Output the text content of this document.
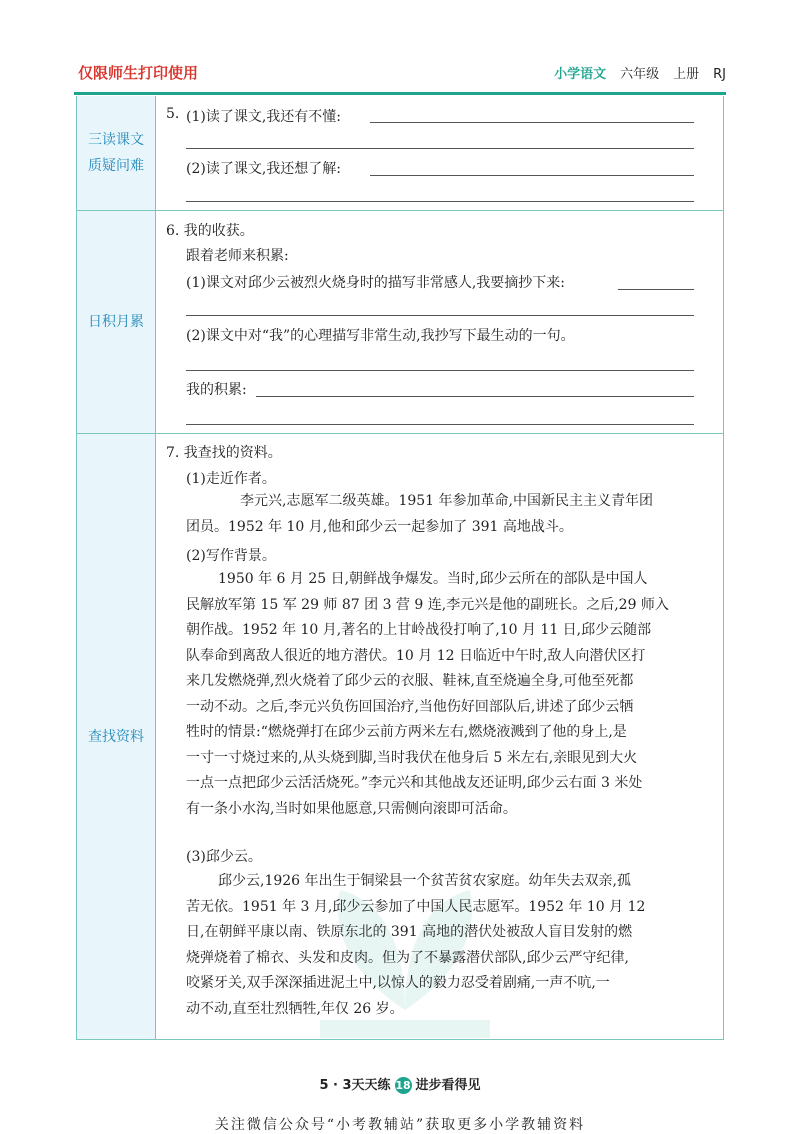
仅限师生打印使用	小学语文 六年级 上册 RJ
三读课文
质疑问难
5. (1)读了课文,我还有不懂:
(2)读了课文,我还想了解:
日积月累
6. 我的收获。
跟着老师来积累:
(1)课文对邱少云被烈火烧身时的描写非常感人,我要摘抄下来:
(2)课文中对“我”的心理描写非常生动,我抄写下最生动的一句。
我的积累:
查找资料
7. 我查找的资料。
(1)走近作者。
李元兴,志愿军二级英雄。1951 年参加革命,中国新民主主义青年团
团员。1952 年 10 月,他和邱少云一起参加了 391 高地战斗。
(2)写作背景。
1950 年 6 月 25 日,朝鲜战争爆发。当时,邱少云所在的部队是中国人
民解放军第 15 军 29 师 87 团 3 营 9 连,李元兴是他的副班长。之后,29 师入
朝作战。1952 年 10 月,著名的上甘岭战役打响了,10 月 11 日,邱少云随部
队奉命到离敌人很近的地方潜伏。10 月 12 日临近中午时,敌人向潜伏区打
来几发燃烧弹,烈火烧着了邱少云的衣服、鞋袜,直至烧遍全身,可他至死都
一动不动。之后,李元兴负伤回国治疗,当他伤好回部队后,讲述了邱少云牺
牲时的情景:“燃烧弹打在邱少云前方两米左右,燃烧液溅到了他的身上,是
一寸一寸烧过来的,从头烧到脚,当时我伏在他身后 5 米左右,亲眼见到大火
一点一点把邱少云活活烧死。”李元兴和其他战友还证明,邱少云右面 3 米处
有一条小水沟,当时如果他愿意,只需侧向滚即可活命。
(3)邱少云。
邱少云,1926 年出生于铜梁县一个贫苦贫农家庭。幼年失去双亲,孤
苦无依。1951 年 3 月,邱少云参加了中国人民志愿军。1952 年 10 月 12
日,在朝鲜平康以南、铁原东北的 391 高地的潜伏处被敌人盲目发射的燃
烧弹烧着了棉衣、头发和皮肉。但为了不暴露潜伏部队,邱少云严守纪律,
咬紧牙关,双手深深插进泥土中,以惊人的毅力忍受着剧痛,一声不吭,一
动不动,直至壮烈牺牲,年仅 26 岁。
5 · 3天天练 18 进步看得见
关注微信公众号“小考教辅站”获取更多小学教辅资料
